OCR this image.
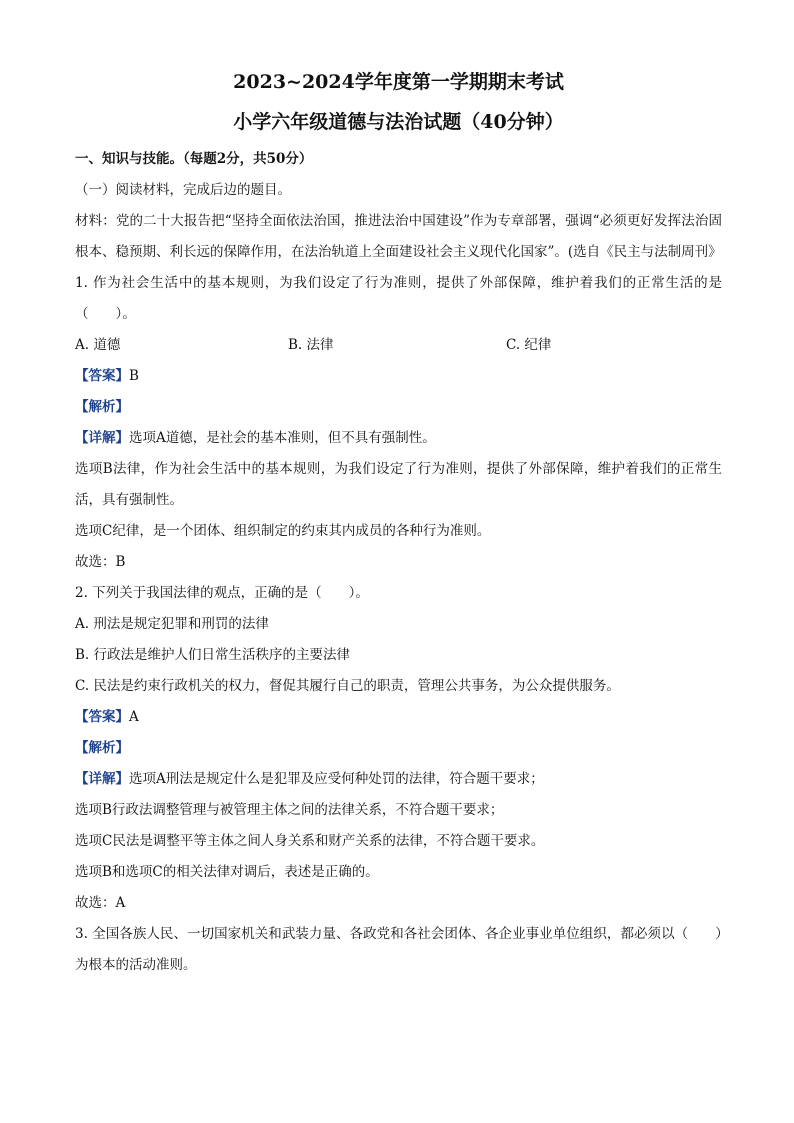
2023~2024学年度第一学期期末考试

小学六年级道德与法治试题（40分钟）

一、知识与技能。（每题2分，共50分）

（一）阅读材料，完成后边的题目。

材料：党的二十大报告把“坚持全面依法治国，推进法治中国建设”作为专章部署，强调“必须更好发挥法治固根本、稳预期、利长远的保障作用，在法治轨道上全面建设社会主义现代化国家”。(选自《民主与法制周刊》

1. 作为社会生活中的基本规则，为我们设定了行为准则，提供了外部保障，维护着我们的正常生活的是（　　）。

A. 道德	B. 法律	C. 纪律

【答案】B

【解析】

【详解】选项A道德，是社会的基本准则，但不具有强制性。

选项B法律，作为社会生活中的基本规则，为我们设定了行为准则，提供了外部保障，维护着我们的正常生活，具有强制性。

选项C纪律，是一个团体、组织制定的约束其内成员的各种行为准则。

故选：B

2. 下列关于我国法律的观点，正确的是（　　）。

A. 刑法是规定犯罪和刑罚的法律

B. 行政法是维护人们日常生活秩序的主要法律

C. 民法是约束行政机关的权力，督促其履行自己的职责，管理公共事务，为公众提供服务。

【答案】A

【解析】

【详解】选项A刑法是规定什么是犯罪及应受何种处罚的法律，符合题干要求；

选项B行政法调整管理与被管理主体之间的法律关系，不符合题干要求；

选项C民法是调整平等主体之间人身关系和财产关系的法律，不符合题干要求。

选项B和选项C的相关法律对调后，表述是正确的。

故选：A

3. 全国各族人民、一切国家机关和武装力量、各政党和各社会团体、各企业事业单位组织，都必须以（　　）为根本的活动准则。
